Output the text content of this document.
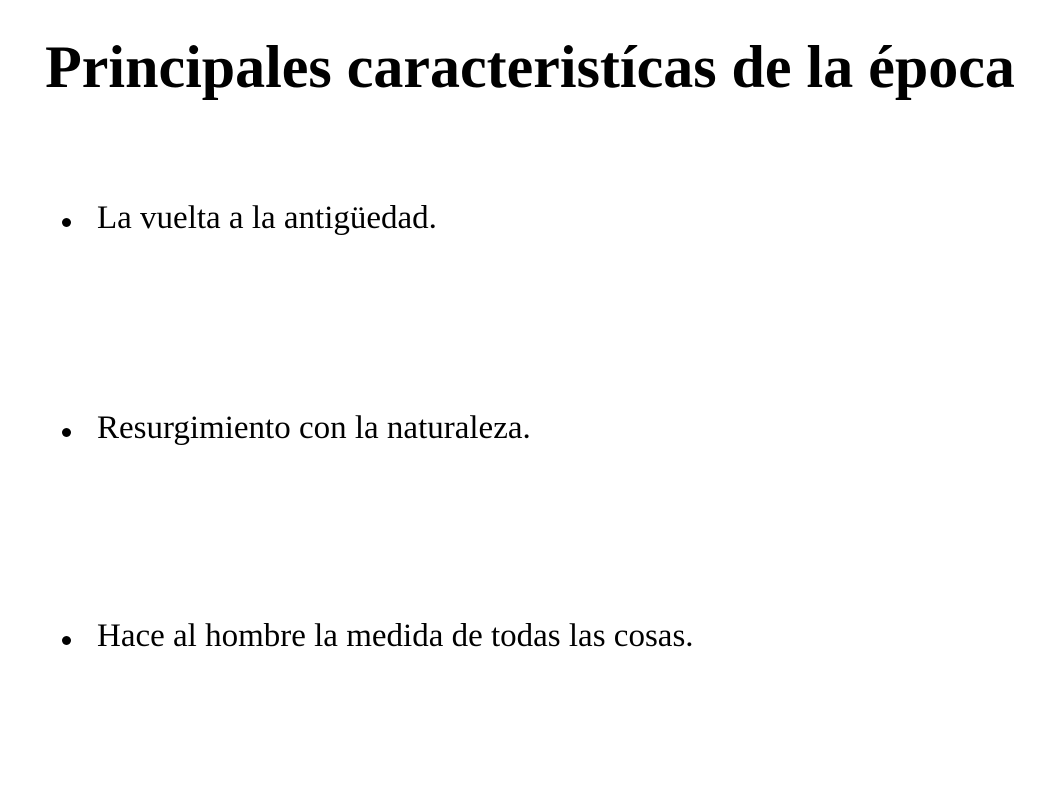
Principales caracteristícas de la época
La vuelta a la antigüedad.
Resurgimiento con la naturaleza.
Hace al hombre la medida de todas las cosas.
